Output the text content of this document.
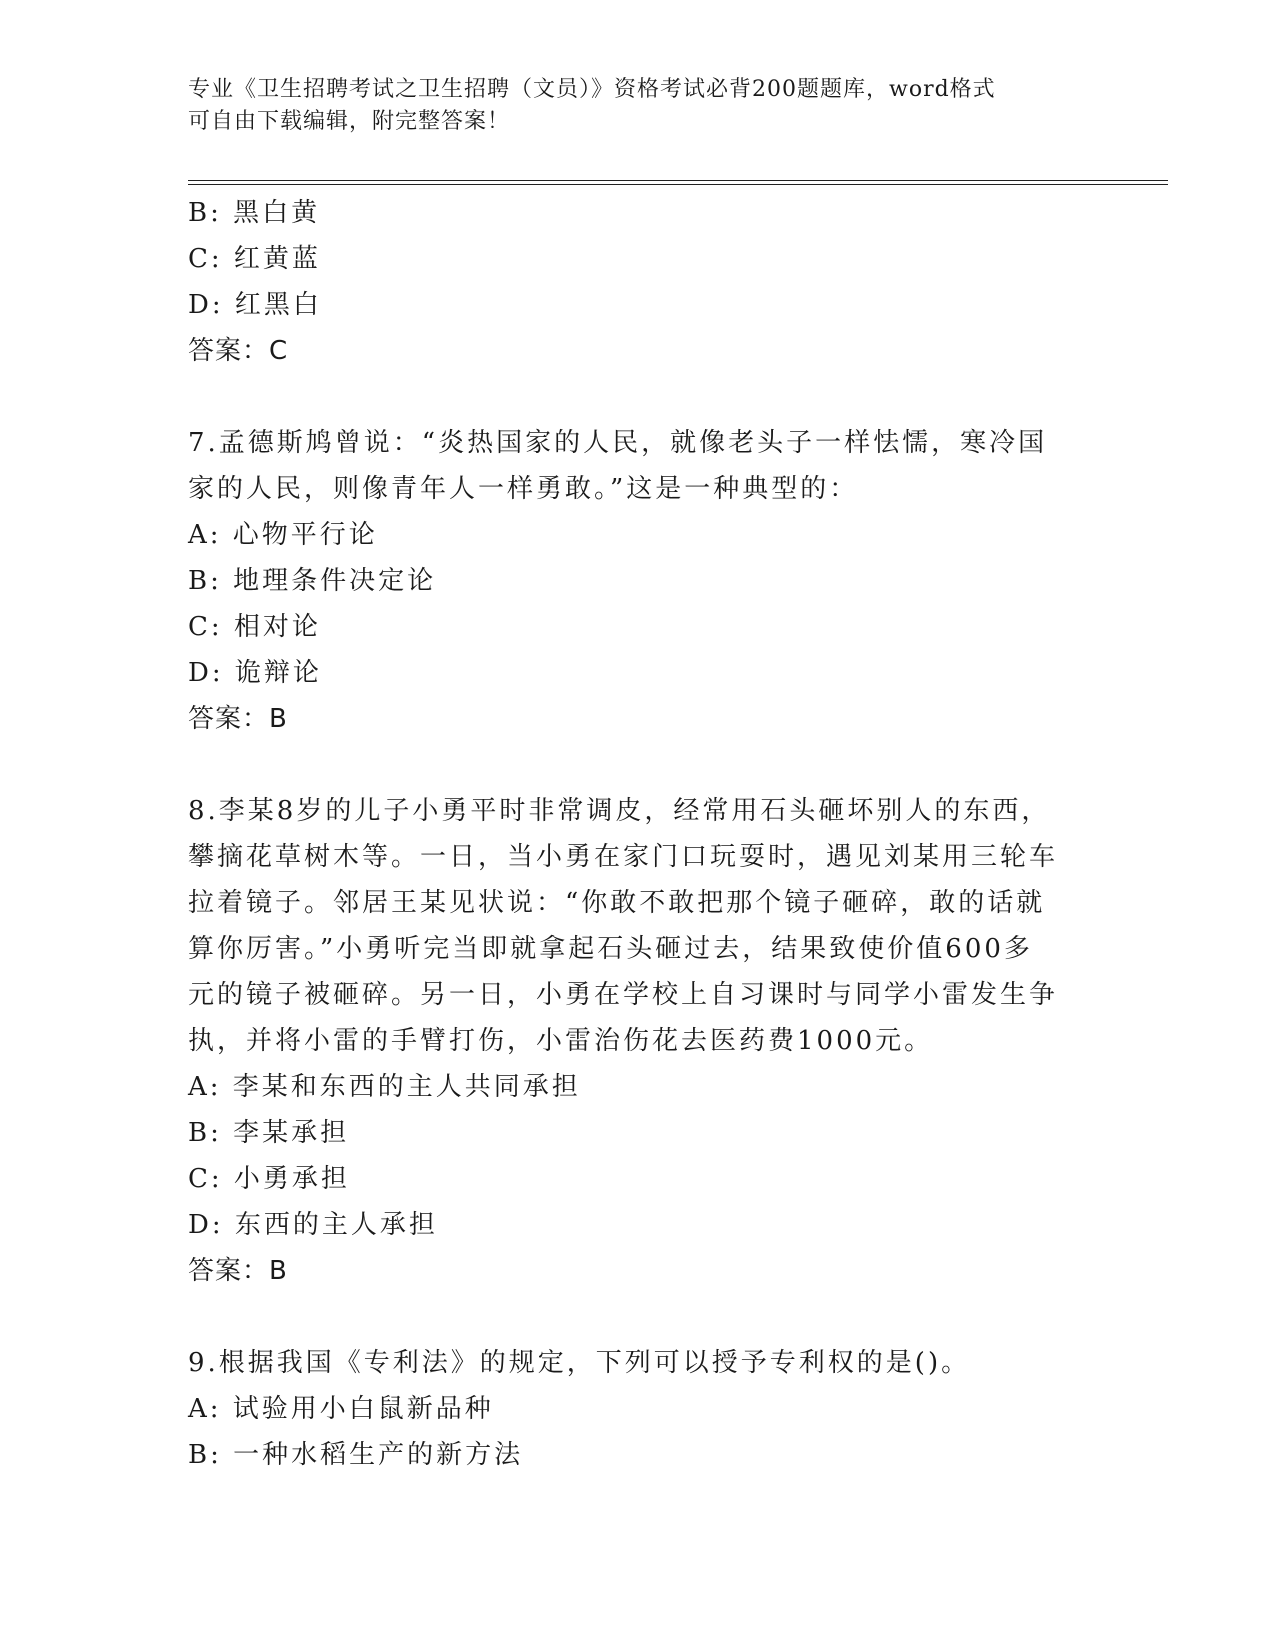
专业《卫生招聘考试之卫生招聘（文员）》资格考试必背200题题库，word格式
可自由下载编辑，附完整答案！
B: 黑白黄
C: 红黄蓝
D: 红黑白
答案：C
7.孟德斯鸠曾说：“炎热国家的人民，就像老头子一样怯懦，寒冷国
家的人民，则像青年人一样勇敢。”这是一种典型的：
A: 心物平行论
B: 地理条件决定论
C: 相对论
D: 诡辩论
答案：B
8.李某8岁的儿子小勇平时非常调皮，经常用石头砸坏别人的东西，
攀摘花草树木等。一日，当小勇在家门口玩耍时，遇见刘某用三轮车
拉着镜子。邻居王某见状说：“你敢不敢把那个镜子砸碎，敢的话就
算你厉害。”小勇听完当即就拿起石头砸过去，结果致使价值600多
元的镜子被砸碎。另一日，小勇在学校上自习课时与同学小雷发生争
执，并将小雷的手臂打伤，小雷治伤花去医药费1000元。
A: 李某和东西的主人共同承担
B: 李某承担
C: 小勇承担
D: 东西的主人承担
答案：B
9.根据我国《专利法》的规定，下列可以授予专利权的是()。
A: 试验用小白鼠新品种
B: 一种水稻生产的新方法
